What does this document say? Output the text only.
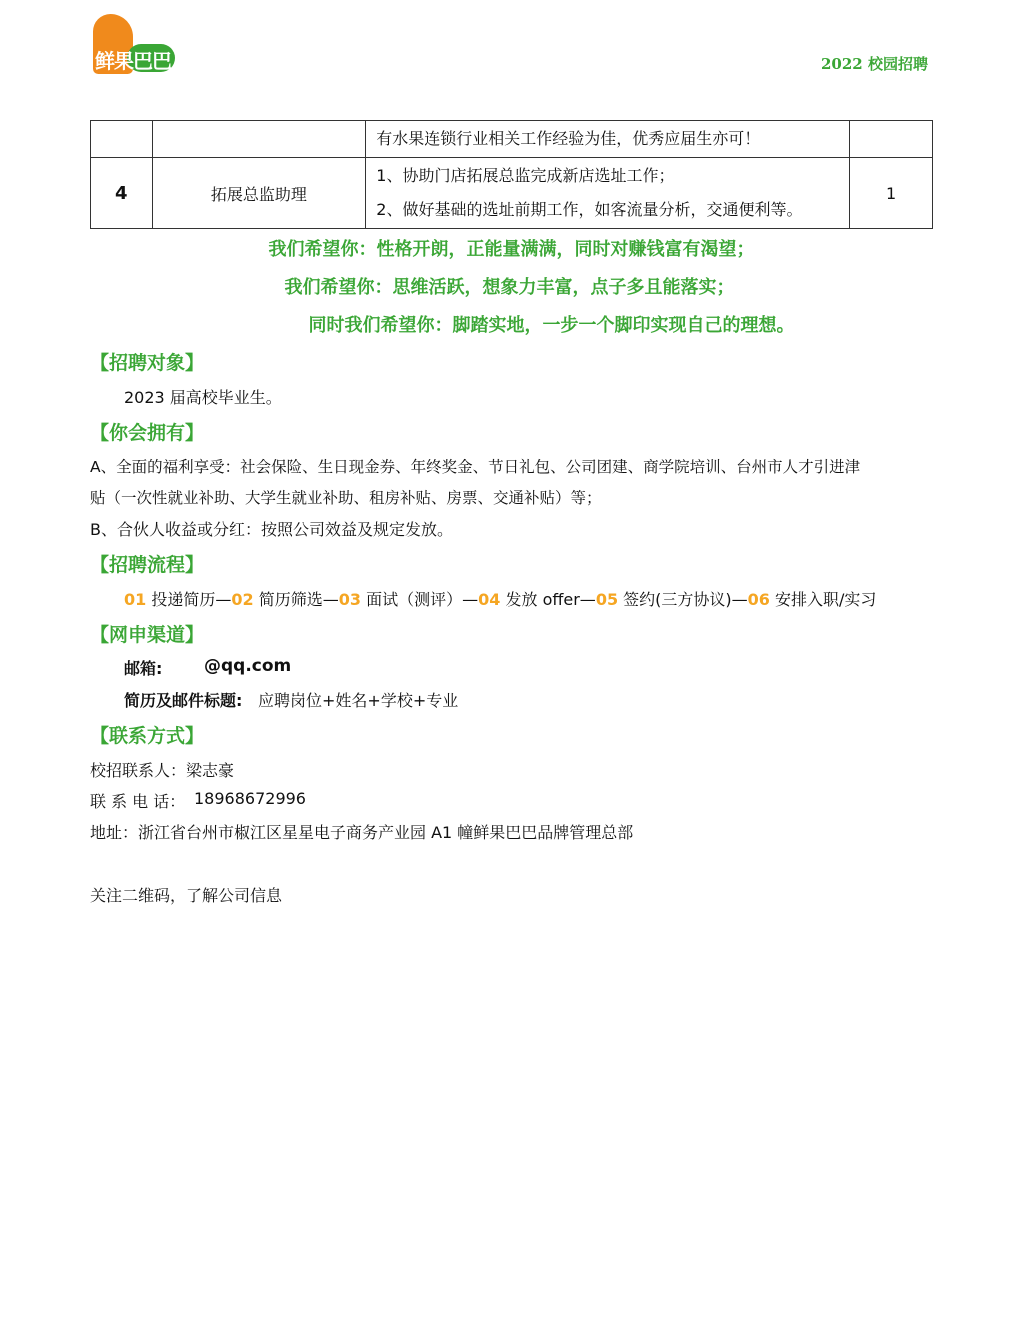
鲜果巴巴	2022 校园招聘
		有水果连锁行业相关工作经验为佳，优秀应届生亦可！	
4	拓展总监助理	1、协助门店拓展总监完成新店选址工作；
2、做好基础的选址前期工作，如客流量分析，交通便利等。	1
我们希望你：性格开朗，正能量满满，同时对赚钱富有渴望；
我们希望你：思维活跃，想象力丰富，点子多且能落实；
同时我们希望你：脚踏实地，一步一个脚印实现自己的理想。
【招聘对象】
2023 届高校毕业生。
【你会拥有】
A、全面的福利享受：社会保险、生日现金券、年终奖金、节日礼包、公司团建、商学院培训、台州市人才引进津
贴（一次性就业补助、大学生就业补助、租房补贴、房票、交通补贴）等；
B、合伙人收益或分红：按照公司效益及规定发放。
【招聘流程】
01 投递简历—02 简历筛选—03 面试（测评）—04 发放 offer—05 签约(三方协议)—06 安排入职/实习
【网申渠道】
邮箱: @qq.com
简历及邮件标题: 应聘岗位+姓名+学校+专业
【联系方式】
校招联系人：梁志豪
联 系 电 话： 18968672996
地址：浙江省台州市椒江区星星电子商务产业园 A1 幢鲜果巴巴品牌管理总部
关注二维码，了解公司信息
